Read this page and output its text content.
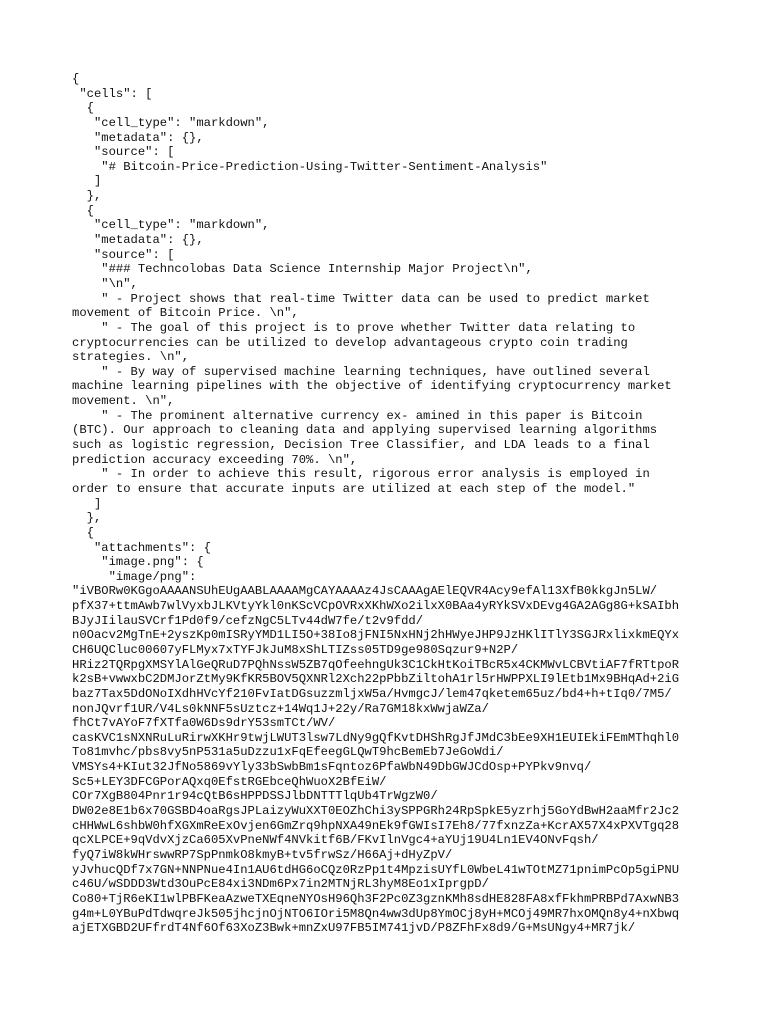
{
"cells": [
{
"cell_type": "markdown",
"metadata": {},
"source": [
"# Bitcoin-Price-Prediction-Using-Twitter-Sentiment-Analysis"
]
},
{
"cell_type": "markdown",
"metadata": {},
"source": [
"### Techncolobas Data Science Internship Major Project\n",
"\n",
" - Project shows that real-time Twitter data can be used to predict market
movement of Bitcoin Price. \n",
" - The goal of this project is to prove whether Twitter data relating to
cryptocurrencies can be utilized to develop advantageous crypto coin trading
strategies. \n",
" - By way of supervised machine learning techniques, have outlined several
machine learning pipelines with the objective of identifying cryptocurrency market
movement. \n",
" - The prominent alternative currency ex- amined in this paper is Bitcoin
(BTC). Our approach to cleaning data and applying supervised learning algorithms
such as logistic regression, Decision Tree Classifier, and LDA leads to a final
prediction accuracy exceeding 70%. \n",
" - In order to achieve this result, rigorous error analysis is employed in
order to ensure that accurate inputs are utilized at each step of the model."
]
},
{
"attachments": {
"image.png": {
"image/png":
"iVBORw0KGgoAAAANSUhEUgAABLAAAAMgCAYAAAAz4JsCAAAgAElEQVR4Acy9efAl13XfB0kkgJn5LW/
pfX37+ttmAwb7wlVyxbJLKVtyYkl0nKScVCpOVRxXKhWXo2ilxX0BAa4yRYkSVxDEvg4GA2AGg8G+kSAIbh
BJyJIilauSVCrf1Pd0f9/cefzNgC5LTv44dW7fe/t2v9fdd/
n0Oacv2MgTnE+2yszKp0mISRyYMD1LI5O+38Io8jFNI5NxHNj2hHWyeJHP9JzHKlITlY3SGJRxlixkmEQYx
CH6UQCluc00607yFLMyx7xTYFJkJuM8xShLTIZss05TD9ge980Sqzur9+N2P/
HRiz2TQRpgXMSYlAlGeQRuD7PQhNssW5ZB7qOfeehngUk3C1CkHtKoiTBcR5x4CKMWvLCBVtiAF7fRTtpoR
k2sB+vwwxbC2DMJorZtMy9KfKR5BOV5QXNRl2Xch22pPbbZiltohA1rl5rHWPPXLI9lEtb1Mx9BHqAd+2iG
baz7Tax5DdONoIXdhHVcYf210FvIatDGsuzzmljxW5a/HvmgcJ/lem47qketem65uz/bd4+h+tIq0/7M5/
nonJQvrf1UR/V4Ls0kNNF5sUztcz+14Wq1J+22y/Ra7GM18kxWwjaWZa/
fhCt7vAYoF7fXTfa0W6Ds9drY53smTCt/WV/
casKVC1sNXNRuLuRirwXKHr9twjLWUT3lsw7LdNy9gQfKvtDHShRgJfJMdC3bEe9XH1EUIEkiFEmMThqhl0
To81mvhc/pbs8vy5nP531a5uDzzu1xFqEfeegGLQwT9hcBemEb7JeGoWdi/
VMSYs4+KIut32JfNo5869vYly33bSwbBm1sFqntoz6PfaWbN49DbGWJCdOsp+PYPkv9nvq/
Sc5+LEY3DFCGPorAQxq0EfstRGEbceQhWuoX2BfEiW/
COr7XgB804Pnr1r94cQtB6sHPPDSSJlbDNTTTlqUb4TrWgzW0/
DW02e8E1b6x70GSBD4oaRgsJPLaizyWuXXT0EOZhChi3ySPPGRh24RpSpkE5yzrhj5GoYdBwH2aaMfr2Jc2
cHHWwL6shbW0hfXGXmReExOvjen6GmZrq9hpNXA49nEk9fGWIsI7Eh8/77fxnzZa+KcrAX57X4xPXVTgq28
qcXLPCE+9qVdvXjzCa605XvPneNWf4NVkitf6B/FKvIlnVgc4+aYUj19U4Ln1EV4ONvFqsh/
fyQ7iW8kWHrswwRP7SpPnmkO8kmyB+tv5frwSz/H66Aj+dHyZpV/
yJvhucQDf7x7GN+NNPNue4In1AU6tdHG6oCQz0RzPp1t4MpzisUYfL0WbeL41wTOtMZ71pnimPcOp5giPNU
c46U/wSDDD3Wtd3OuPcE84xi3NDm6Px7in2MTNjRL3hyM8Eo1xIprgpD/
Co80+TjR6eKI1wlPBFKeaAzweTXEqneNYOsH96Qh3F2Pc0Z3gznKMh8sdHE828FA8xfFkhmPRBPd7AxwNB3
g4m+L0YBuPdTdwqreJk505jhcjnOjNTO6IOri5M8Qn4ww3dUp8YmOCj8yH+MCOj49MR7hxOMQn8y4+nXbwq
ajETXGBD2UFfrdT4Nf6Of63XoZ3Bwk+mnZxU97FB5IM741jvD/P8ZFhFx8d9/G+MsUNgy4+MR7jk/
